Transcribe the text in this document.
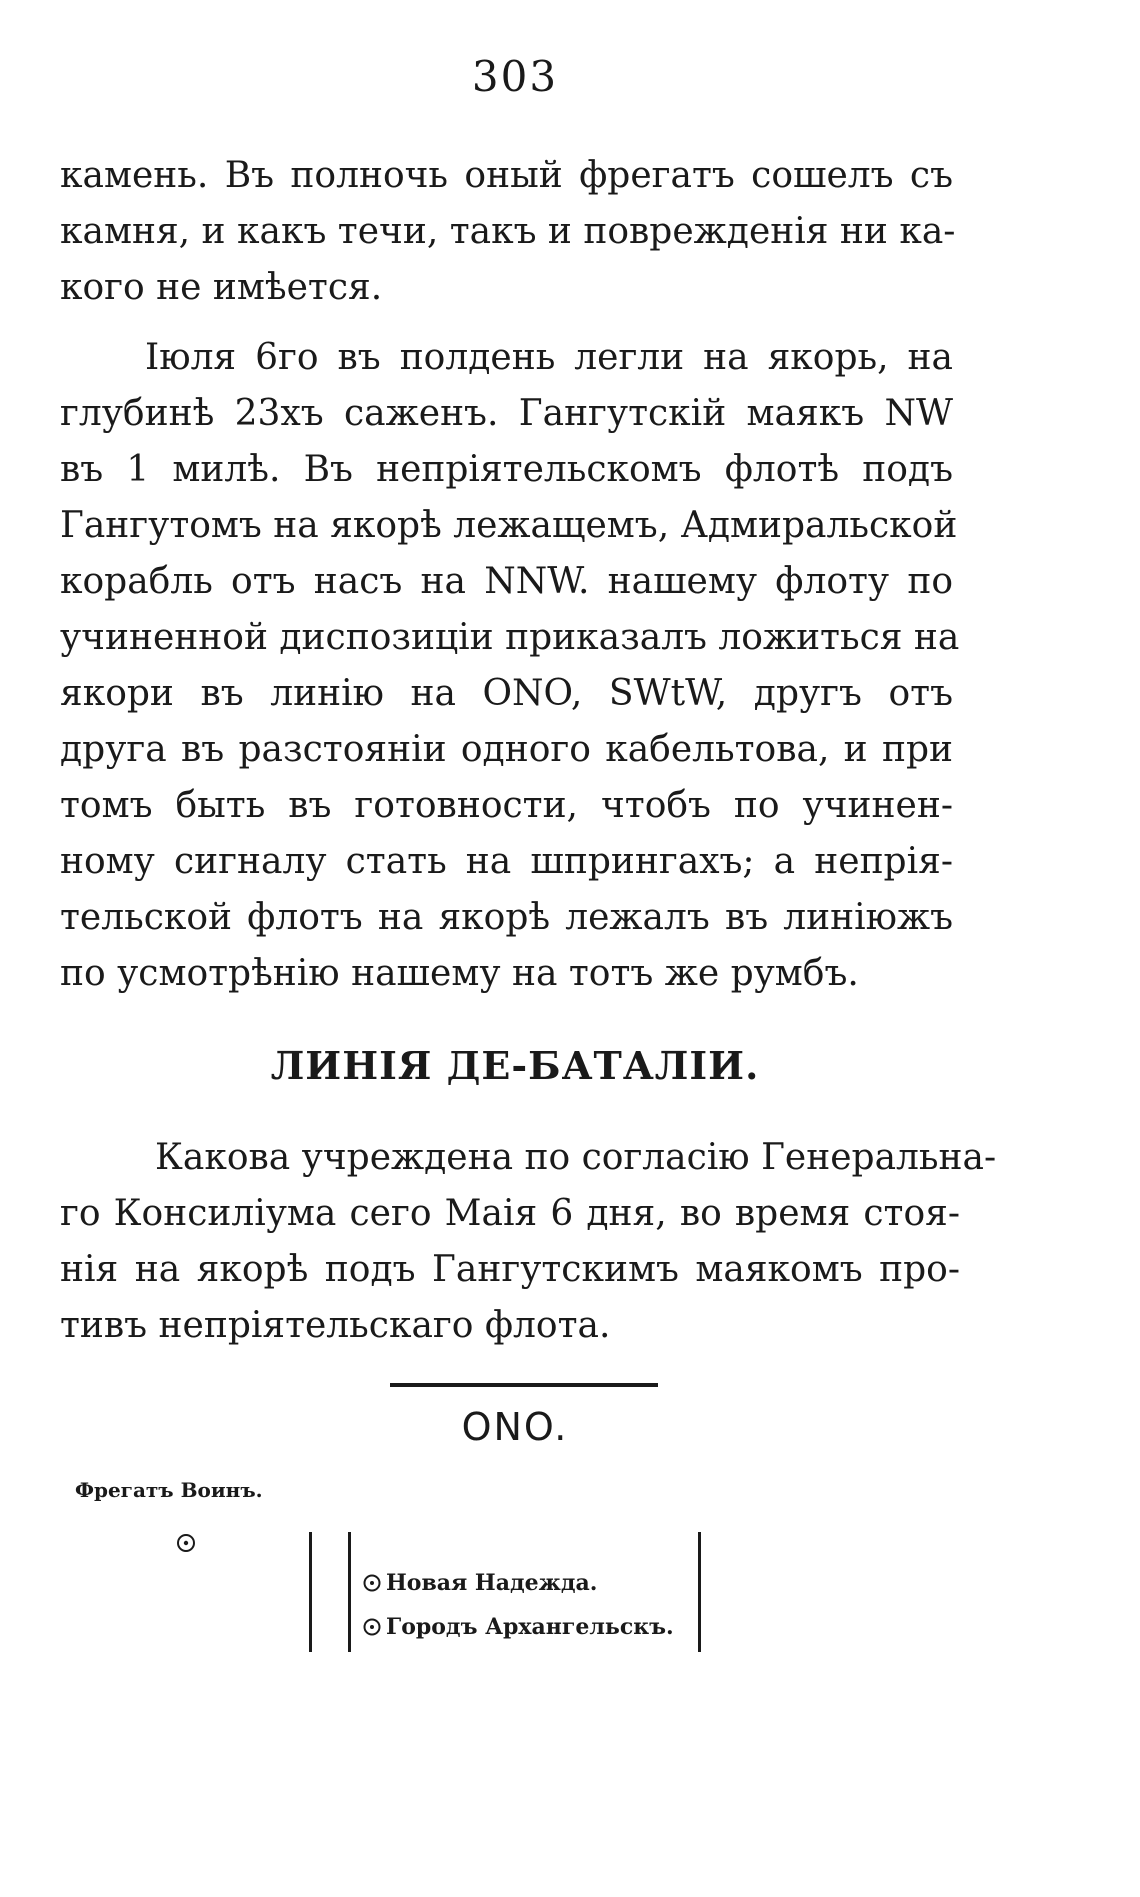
303

камень. Въ полночь оный фрегатъ сошелъ съ
камня, и какъ течи, такъ и поврежденія ни ка-
кого не имѣется.

Іюля 6го въ полдень легли на якорь, на
глубинѣ 23хъ саженъ. Гангутскій маякъ NW
въ 1 милѣ. Въ непріятельскомъ флотѣ подъ
Гангутомъ на якорѣ лежащемъ, Адмиральской
корабль отъ насъ на NNW. нашему флоту по
учиненной диспозиціи приказалъ ложиться на
якори въ линію на ONO, SWtW, другъ отъ
друга въ разстояніи одного кабельтова, и при
томъ быть въ готовности, чтобъ по учинен-
ному сигналу стать на шпрингахъ; а непрія-
тельской флотъ на якорѣ лежалъ въ линіюжъ
по усмотрѣнію нашему на тотъ же румбъ.

ЛИНІЯ ДЕ-БАТАЛІИ.

Какова учреждена по согласію Генеральна-
го Консиліума сего Маія 6 дня, во время стоя-
нія на якорѣ подъ Гангутскимъ маякомъ про-
тивъ непріятельскаго флота.

ONO.
Фрегатъ Воинъ.
Новая Надежда.
Городъ Архангельскъ.
